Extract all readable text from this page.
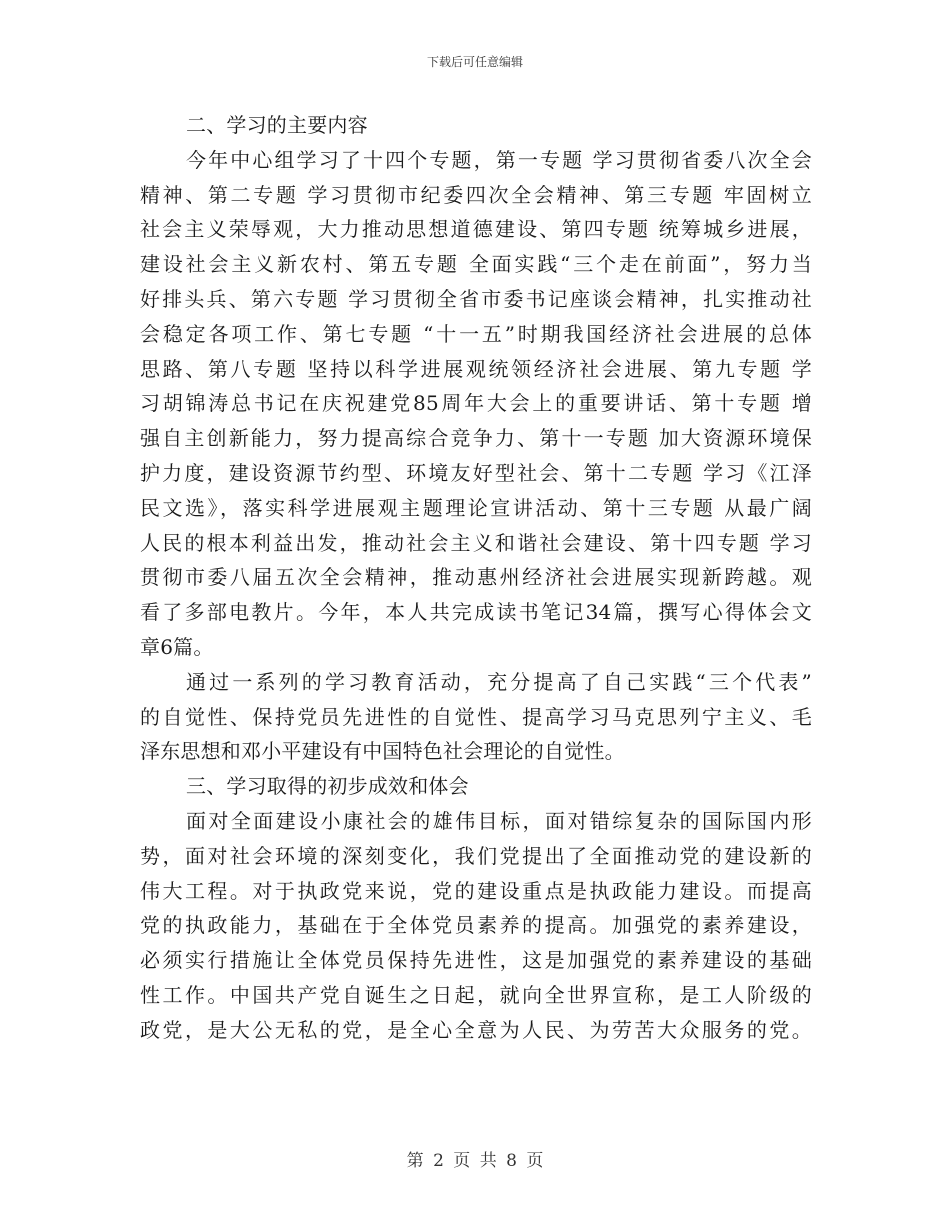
下载后可任意编辑
二、学习的主要内容
今年中心组学习了十四个专题，第一专题 学习贯彻省委八次全会
精神、第二专题 学习贯彻市纪委四次全会精神、第三专题 牢固树立
社会主义荣辱观，大力推动思想道德建设、第四专题 统筹城乡进展，
建设社会主义新农村、第五专题 全面实践“三个走在前面”，努力当
好排头兵、第六专题 学习贯彻全省市委书记座谈会精神，扎实推动社
会稳定各项工作、第七专题 “十一五”时期我国经济社会进展的总体
思路、第八专题 坚持以科学进展观统领经济社会进展、第九专题 学
习胡锦涛总书记在庆祝建党85周年大会上的重要讲话、第十专题 增
强自主创新能力，努力提高综合竞争力、第十一专题 加大资源环境保
护力度，建设资源节约型、环境友好型社会、第十二专题 学习《江泽
民文选》，落实科学进展观主题理论宣讲活动、第十三专题 从最广阔
人民的根本利益出发，推动社会主义和谐社会建设、第十四专题 学习
贯彻市委八届五次全会精神，推动惠州经济社会进展实现新跨越。观
看了多部电教片。今年，本人共完成读书笔记34篇，撰写心得体会文
章6篇。
通过一系列的学习教育活动，充分提高了自己实践“三个代表”
的自觉性、保持党员先进性的自觉性、提高学习马克思列宁主义、毛
泽东思想和邓小平建设有中国特色社会理论的自觉性。
三、学习取得的初步成效和体会
面对全面建设小康社会的雄伟目标，面对错综复杂的国际国内形
势，面对社会环境的深刻变化，我们党提出了全面推动党的建设新的
伟大工程。对于执政党来说，党的建设重点是执政能力建设。而提高
党的执政能力，基础在于全体党员素养的提高。加强党的素养建设，
必须实行措施让全体党员保持先进性，这是加强党的素养建设的基础
性工作。中国共产党自诞生之日起，就向全世界宣称，是工人阶级的
政党，是大公无私的党，是全心全意为人民、为劳苦大众服务的党。
第 2 页 共 8 页
